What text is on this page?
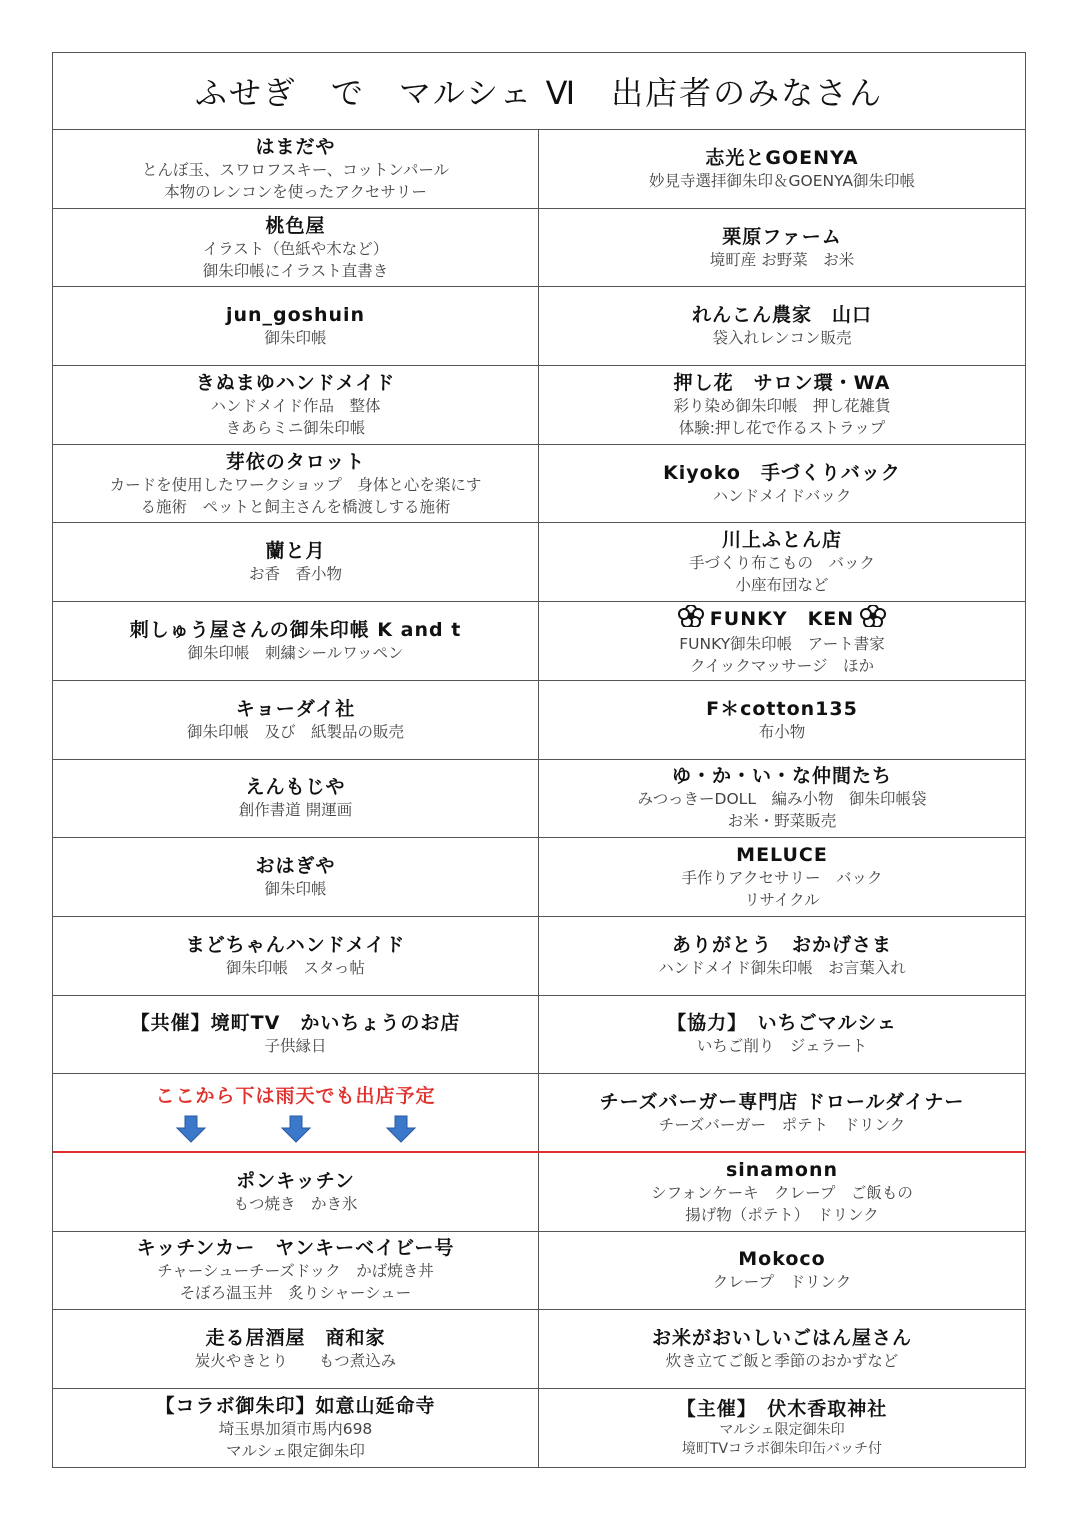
ふせぎ　で　マルシェ Ⅵ　出店者のみなさん
はまだや
とんぼ玉、スワロフスキー、コットンパール
本物のレンコンを使ったアクセサリー
志光とGOENYA
妙見寺選拝御朱印＆GOENYA御朱印帳
桃色屋
イラスト（色紙や木など）
御朱印帳にイラスト直書き
栗原ファーム
境町産 お野菜　お米
jun_goshuin
御朱印帳
れんこん農家　山口
袋入れレンコン販売
きぬまゆハンドメイド
ハンドメイド作品　整体
きあらミニ御朱印帳
押し花　サロン環・WA
彩り染め御朱印帳　押し花雑貨
体験:押し花で作るストラップ
芽依のタロット
カードを使用したワークショップ　身体と心を楽にす
る施術　ペットと飼主さんを橋渡しする施術
Kiyoko　手づくりバック
ハンドメイドバック
蘭と月
お香　香小物
川上ふとん店
手づくり布こもの　バック
小座布団など
刺しゅう屋さんの御朱印帳 K and t
御朱印帳　刺繍シールワッペン
FUNKY　KEN
FUNKY御朱印帳　アート書家
クイックマッサージ　ほか
キョーダイ社
御朱印帳　及び　紙製品の販売
F＊cotton135
布小物
えんもじや
創作書道 開運画
ゆ・か・い・な仲間たち
みつっきーDOLL　編み小物　御朱印帳袋
お米・野菜販売
おはぎや
御朱印帳
MELUCE
手作りアクセサリー　バック
リサイクル
まどちゃんハンドメイド
御朱印帳　スタっ帖
ありがとう　おかげさま
ハンドメイド御朱印帳　お言葉入れ
【共催】境町TV　かいちょうのお店
子供縁日
【協力】　いちごマルシェ
いちご削り　ジェラート
ここから下は雨天でも出店予定	チーズバーガー専門店 ドロールダイナー
チーズバーガー　ポテト　ドリンク
ポンキッチン
もつ焼き　かき氷
sinamonn
シフォンケーキ　クレープ　ご飯もの
揚げ物（ポテト）　ドリンク
キッチンカー　ヤンキーベイビー号
チャーシューチーズドック　かば焼き丼
そぼろ温玉丼　炙りシャーシュー
Mokoco
クレープ　ドリンク
走る居酒屋　商和家
炭火やきとり　　もつ煮込み
お米がおいしいごはん屋さん
炊き立てご飯と季節のおかずなど
【コラボ御朱印】如意山延命寺
埼玉県加須市馬内698
マルシェ限定御朱印
【主催】　伏木香取神社
マルシェ限定御朱印
境町TVコラボ御朱印缶バッチ付
